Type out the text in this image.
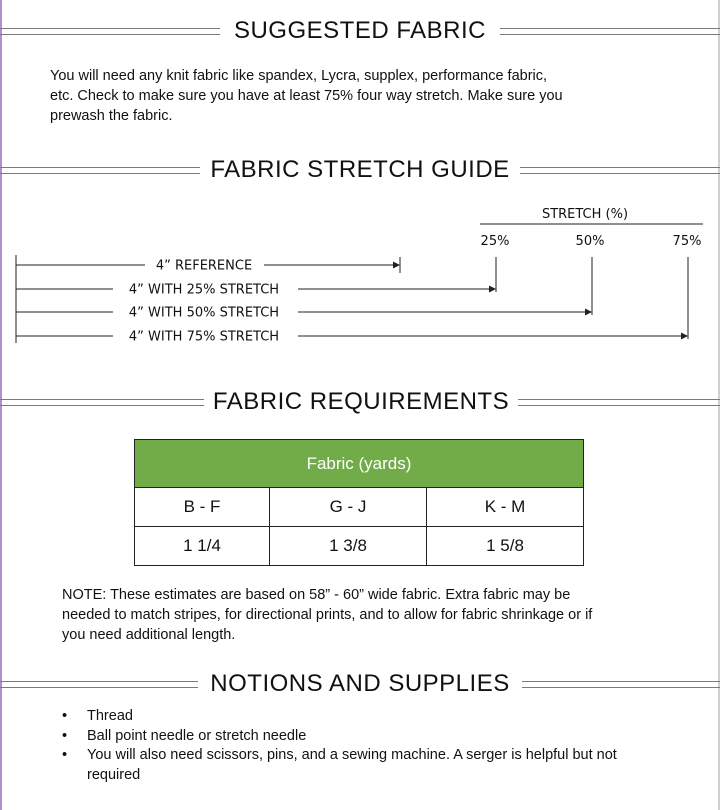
SUGGESTED FABRIC
You will need any knit fabric like spandex, Lycra, supplex, performance fabric,
etc. Check to make sure you have at least 75% four way stretch. Make sure you
prewash the fabric.
FABRIC STRETCH GUIDE
STRETCH (%)
25%	50%	75%
4” REFERENCE
4” WITH 25% STRETCH
4” WITH 50% STRETCH
4” WITH 75% STRETCH
FABRIC REQUIREMENTS
Fabric (yards)		
B - F	G - J	K - M
1 1/4	1 3/8	1 5/8
NOTE: These estimates are based on 58” - 60” wide fabric. Extra fabric may be
needed to match stripes, for directional prints, and to allow for fabric shrinkage or if
you need additional length.
NOTIONS AND SUPPLIES
• Thread
• Ball point needle or stretch needle
• You will also need scissors, pins, and a sewing machine. A serger is helpful but not required
